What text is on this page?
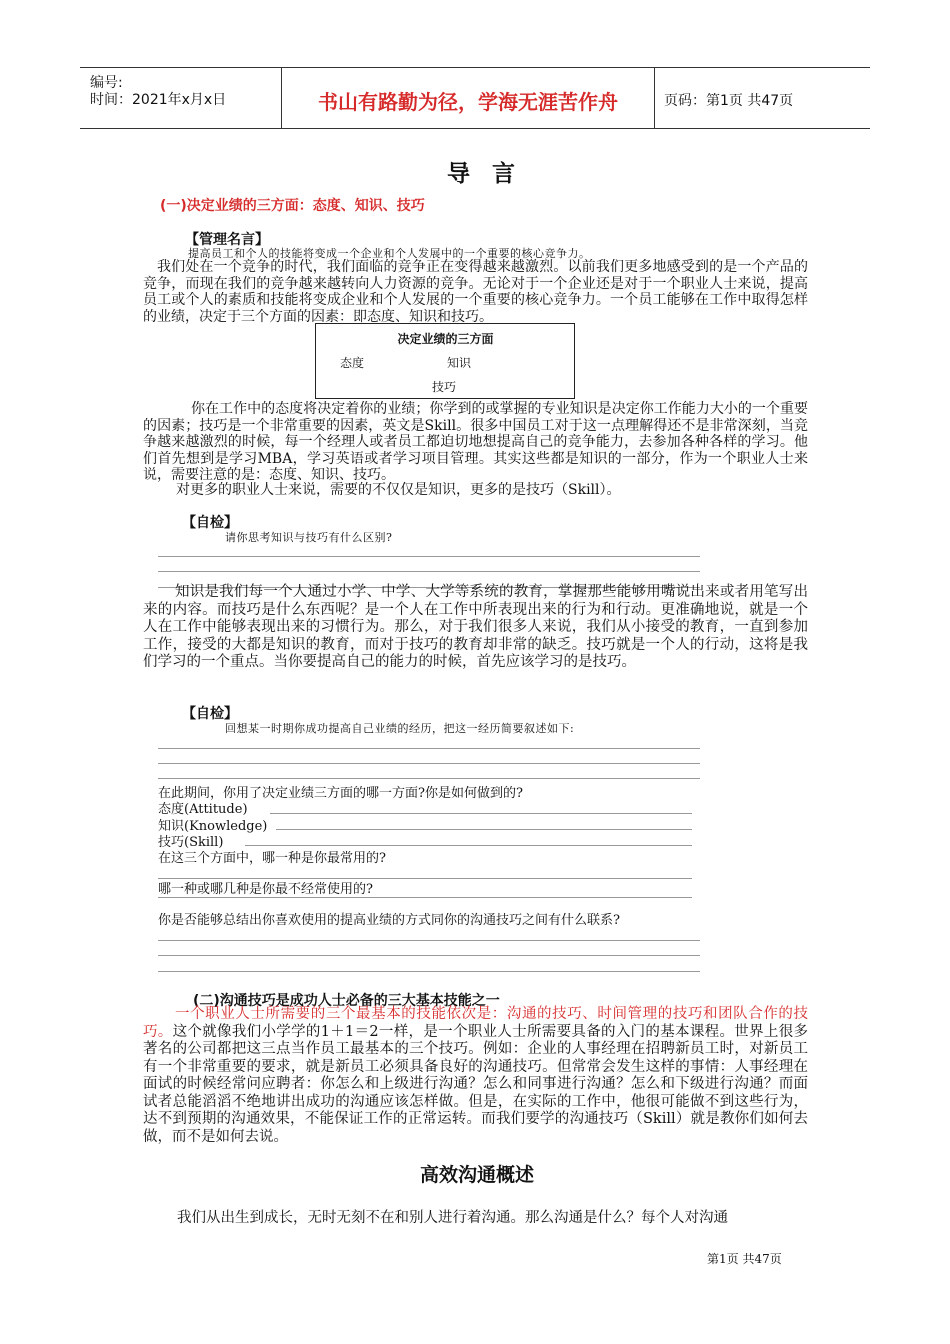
编号:
时间：2021年x月x日	书山有路勤为径，学海无涯苦作舟	页码：第1页 共47页
导言
(一)决定业绩的三方面：态度、知识、技巧
【管理名言】
提高员工和个人的技能将变成一个企业和个人发展中的一个重要的核心竞争力。
我们处在一个竞争的时代，我们面临的竞争正在变得越来越激烈。以前我们更多地感受到的是一个产品的竞争，而现在我们的竞争越来越转向人力资源的竞争。无论对于一个企业还是对于一个职业人士来说，提高员工或个人的素质和技能将变成企业和个人发展的一个重要的核心竞争力。一个员工能够在工作中取得怎样的业绩，决定于三个方面的因素：即态度、知识和技巧。
决定业绩的三方面
态度	知识
技巧
你在工作中的态度将决定着你的业绩；你学到的或掌握的专业知识是决定你工作能力大小的一个重要的因素；技巧是一个非常重要的因素，英文是Skill。很多中国员工对于这一点理解得还不是非常深刻，当竞争越来越激烈的时候，每一个经理人或者员工都迫切地想提高自己的竞争能力，去参加各种各样的学习。他们首先想到是学习MBA，学习英语或者学习项目管理。其实这些都是知识的一部分，作为一个职业人士来说，需要注意的是：态度、知识、技巧。
对更多的职业人士来说，需要的不仅仅是知识，更多的是技巧（Skill）。
【自检】
请你思考知识与技巧有什么区别?
知识是我们每一个人通过小学、中学、大学等系统的教育，掌握那些能够用嘴说出来或者用笔写出来的内容。而技巧是什么东西呢？是一个人在工作中所表现出来的行为和行动。更准确地说，就是一个人在工作中能够表现出来的习惯行为。那么，对于我们很多人来说，我们从小接受的教育，一直到参加工作，接受的大都是知识的教育，而对于技巧的教育却非常的缺乏。技巧就是一个人的行动，这将是我们学习的一个重点。当你要提高自己的能力的时候，首先应该学习的是技巧。
【自检】
回想某一时期你成功提高自己业绩的经历，把这一经历简要叙述如下:
在此期间，你用了决定业绩三方面的哪一方面?你是如何做到的?
态度(Attitude)
知识(Knowledge)
技巧(Skill)
在这三个方面中，哪一种是你最常用的?
哪一种或哪几种是你最不经常使用的?
你是否能够总结出你喜欢使用的提高业绩的方式同你的沟通技巧之间有什么联系?
(二)沟通技巧是成功人士必备的三大基本技能之一
一个职业人士所需要的三个最基本的技能依次是：沟通的技巧、时间管理的技巧和团队合作的技巧。这个就像我们小学学的1＋1＝2一样，是一个职业人士所需要具备的入门的基本课程。世界上很多著名的公司都把这三点当作员工最基本的三个技巧。例如：企业的人事经理在招聘新员工时，对新员工有一个非常重要的要求，就是新员工必须具备良好的沟通技巧。但常常会发生这样的事情：人事经理在面试的时候经常问应聘者：你怎么和上级进行沟通？怎么和同事进行沟通？怎么和下级进行沟通？而面试者总能滔滔不绝地讲出成功的沟通应该怎样做。但是，在实际的工作中，他很可能做不到这些行为，达不到预期的沟通效果，不能保证工作的正常运转。而我们要学的沟通技巧（Skill）就是教你们如何去做，而不是如何去说。
高效沟通概述
我们从出生到成长，无时无刻不在和别人进行着沟通。那么沟通是什么？每个人对沟通
第1页 共47页
